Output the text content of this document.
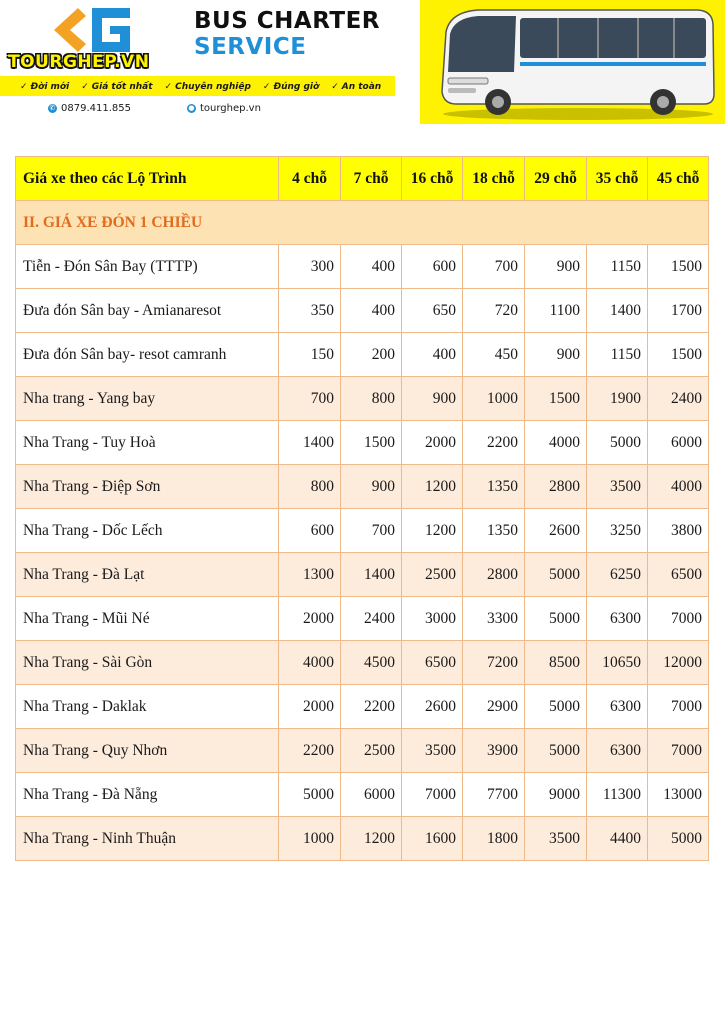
TOURGHEP.VN
BUS CHARTER
SERVICE
✓ Đời mới ✓ Giá tốt nhất ✓ Chuyên nghiệp ✓ Đúng giờ ✓ An toàn
✆ 0879.411.855	● tourghep.vn
Giá xe theo các Lộ Trình	4 chỗ	7 chỗ	16 chỗ	18 chỗ	29 chỗ	35 chỗ	45 chỗ
II. GIÁ XE ĐÓN 1 CHIỀU							
Tiễn - Đón Sân Bay (TTTP)	300	400	600	700	900	1150	1500
Đưa đón Sân bay - Amianaresot	350	400	650	720	1100	1400	1700
Đưa đón Sân bay- resot camranh	150	200	400	450	900	1150	1500
Nha trang - Yang bay	700	800	900	1000	1500	1900	2400
Nha Trang - Tuy Hoà	1400	1500	2000	2200	4000	5000	6000
Nha Trang - Điệp Sơn	800	900	1200	1350	2800	3500	4000
Nha Trang - Dốc Lếch	600	700	1200	1350	2600	3250	3800
Nha Trang - Đà Lạt	1300	1400	2500	2800	5000	6250	6500
Nha Trang - Mũi Né	2000	2400	3000	3300	5000	6300	7000
Nha Trang - Sài Gòn	4000	4500	6500	7200	8500	10650	12000
Nha Trang - Daklak	2000	2200	2600	2900	5000	6300	7000
Nha Trang - Quy Nhơn	2200	2500	3500	3900	5000	6300	7000
Nha Trang - Đà Nẵng	5000	6000	7000	7700	9000	11300	13000
Nha Trang - Ninh Thuận	1000	1200	1600	1800	3500	4400	5000
